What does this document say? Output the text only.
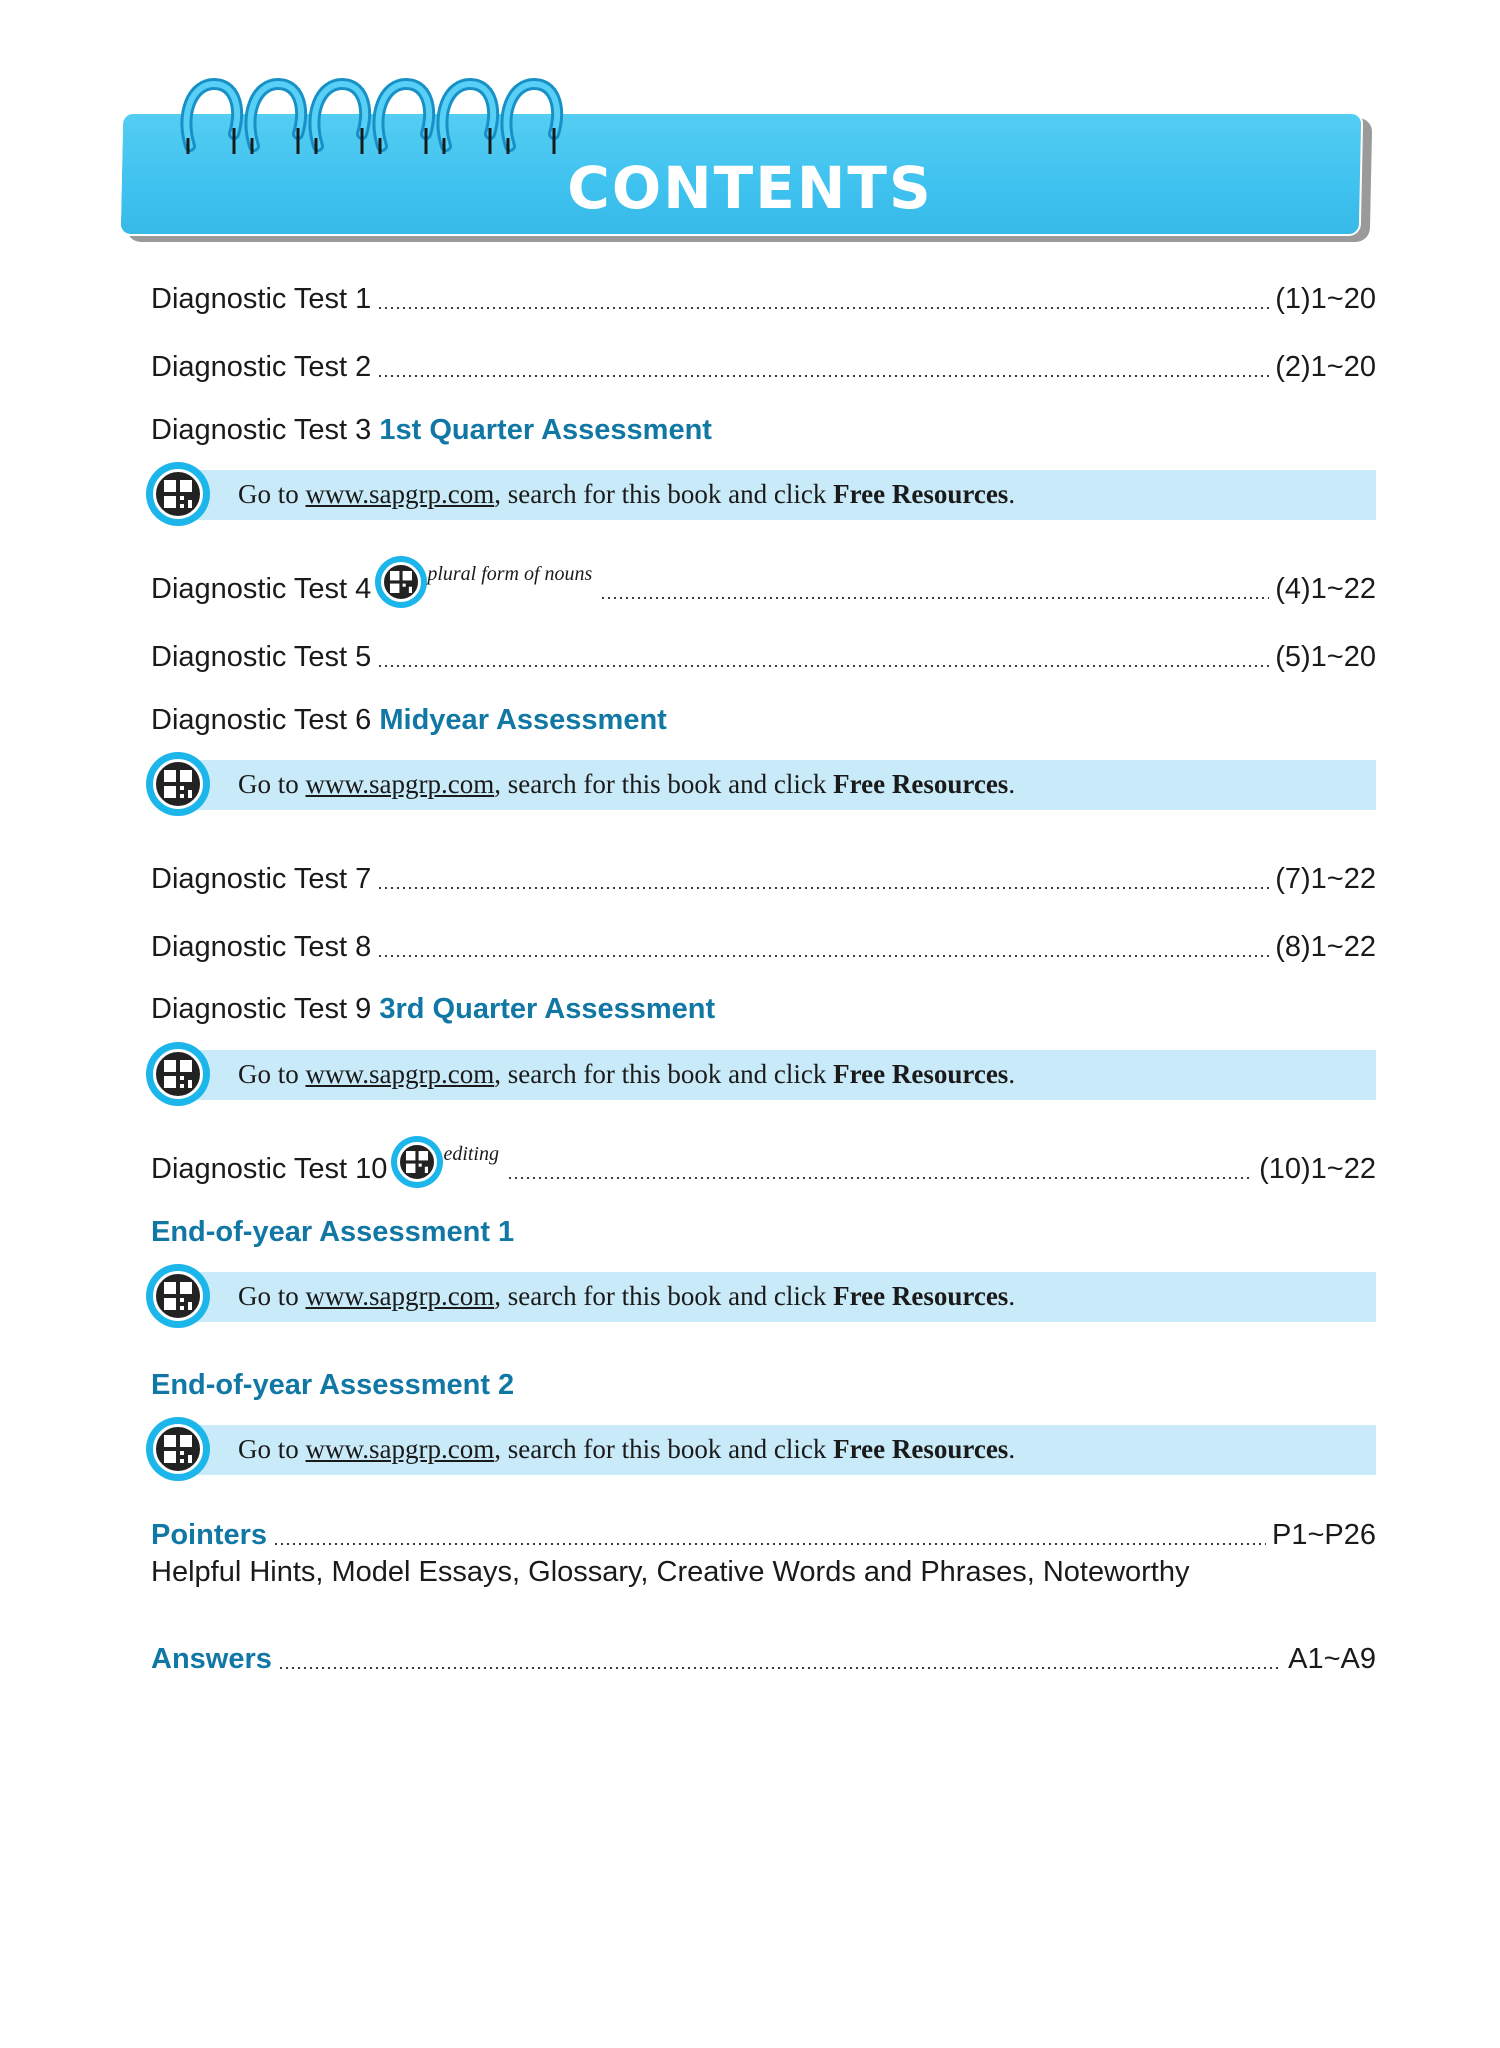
CONTENTS
Diagnostic Test 1	(1)1~20
Diagnostic Test 2	(2)1~20
Diagnostic Test 3 1st Quarter Assessment
Go to www.sapgrp.com, search for this book and click Free Resources.
Diagnostic Test 4	plural form of nouns	(4)1~22
Diagnostic Test 5	(5)1~20
Diagnostic Test 6 Midyear Assessment
Go to www.sapgrp.com, search for this book and click Free Resources.
Diagnostic Test 7	(7)1~22
Diagnostic Test 8	(8)1~22
Diagnostic Test 9 3rd Quarter Assessment
Go to www.sapgrp.com, search for this book and click Free Resources.
Diagnostic Test 10	editing	(10)1~22
End-of-year Assessment 1
Go to www.sapgrp.com, search for this book and click Free Resources.
End-of-year Assessment 2
Go to www.sapgrp.com, search for this book and click Free Resources.
Pointers	P1~P26
Helpful Hints, Model Essays, Glossary, Creative Words and Phrases, Noteworthy
Answers	A1~A9
